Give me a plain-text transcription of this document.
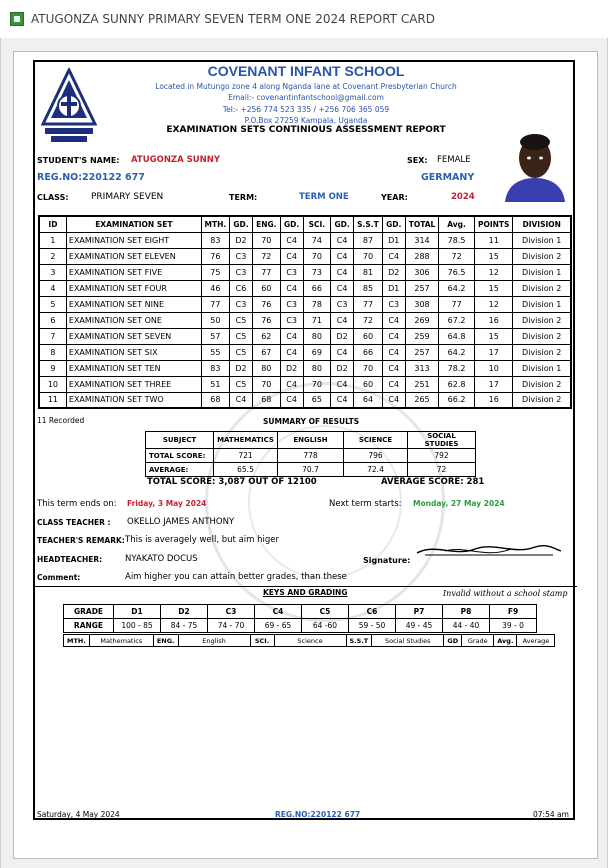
ATUGONZA SUNNY PRIMARY SEVEN TERM ONE 2024 REPORT CARD
COVENANT INFANT SCHOOL
Located in Mutungo zone 4 along Nganda lane at Covenant Presbyterian Church
Email:- covenantinfantschool@gmail.com
Tel:- +256 774 523 335 / +256 706 365 059
P.O.Box 27259 Kampala, Uganda
EXAMINATION SETS CONTINIOUS ASSESSMENT REPORT
STUDENT'S NAME: ATUGONZA SUNNY	SEX: FEMALE
REG.NO:220122 677	GERMANY
CLASS: PRIMARY SEVEN	TERM:	TERM ONE	YEAR:	2024
ID	EXAMINATION SET	MTH.	GD.	ENG.	GD.	SCI.	GD.	S.S.T	GD.	TOTAL	Avg.	POINTS	DIVISION
1	EXAMINATION SET EIGHT	83	D2	70	C4	74	C4	87	D1	314	78.5	11	Division 1
2	EXAMINATION SET ELEVEN	76	C3	72	C4	70	C4	70	C4	288	72	15	Division 2
3	EXAMINATION SET FIVE	75	C3	77	C3	73	C4	81	D2	306	76.5	12	Division 1
4	EXAMINATION SET FOUR	46	C6	60	C4	66	C4	85	D1	257	64.2	15	Division 2
5	EXAMINATION SET NINE	77	C3	76	C3	78	C3	77	C3	308	77	12	Division 1
6	EXAMINATION SET ONE	50	C5	76	C3	71	C4	72	C4	269	67.2	16	Division 2
7	EXAMINATION SET SEVEN	57	C5	62	C4	80	D2	60	C4	259	64.8	15	Division 2
8	EXAMINATION SET SIX	55	C5	67	C4	69	C4	66	C4	257	64.2	17	Division 2
9	EXAMINATION SET TEN	83	D2	80	D2	80	D2	70	C4	313	78.2	10	Division 1
10	EXAMINATION SET THREE	51	C5	70	C4	70	C4	60	C4	251	62.8	17	Division 2
11	EXAMINATION SET TWO	68	C4	68	C4	65	C4	64	C4	265	66.2	16	Division 2
11 Recorded	SUMMARY OF RESULTS
SUBJECT	MATHEMATICS	ENGLISH	SCIENCE	SOCIAL STUDIES
TOTAL SCORE:	721	778	796	792
AVERAGE:	65.5	70.7	72.4	72
TOTAL SCORE: 3,087 OUT OF 12100	AVERAGE SCORE: 281
This term ends on: Friday, 3 May 2024	Next term starts: Monday, 27 May 2024
CLASS TEACHER : OKELLO JAMES ANTHONY
TEACHER'S REMARK: This is averagely well, but aim higer
HEADTEACHER:	NYAKATO DOCUS	Signature:
Comment:	Aim higher you can attain better grades, than these
KEYS AND GRADING	Invalid without a school stamp
GRADE	D1	D2	C3	C4	C5	C6	P7	P8	F9
RANGE	100 - 85	84 - 75	74 - 70	69 - 65	64 -60	59 - 50	49 - 45	44 - 40	39 - 0
MTH.	Mathematics	ENG.	English	SCI.	Science	S.S.T	Social Studies	GD	Grade	Avg.	Average
Saturday, 4 May 2024	REG.NO:220122 677	07:54 am
